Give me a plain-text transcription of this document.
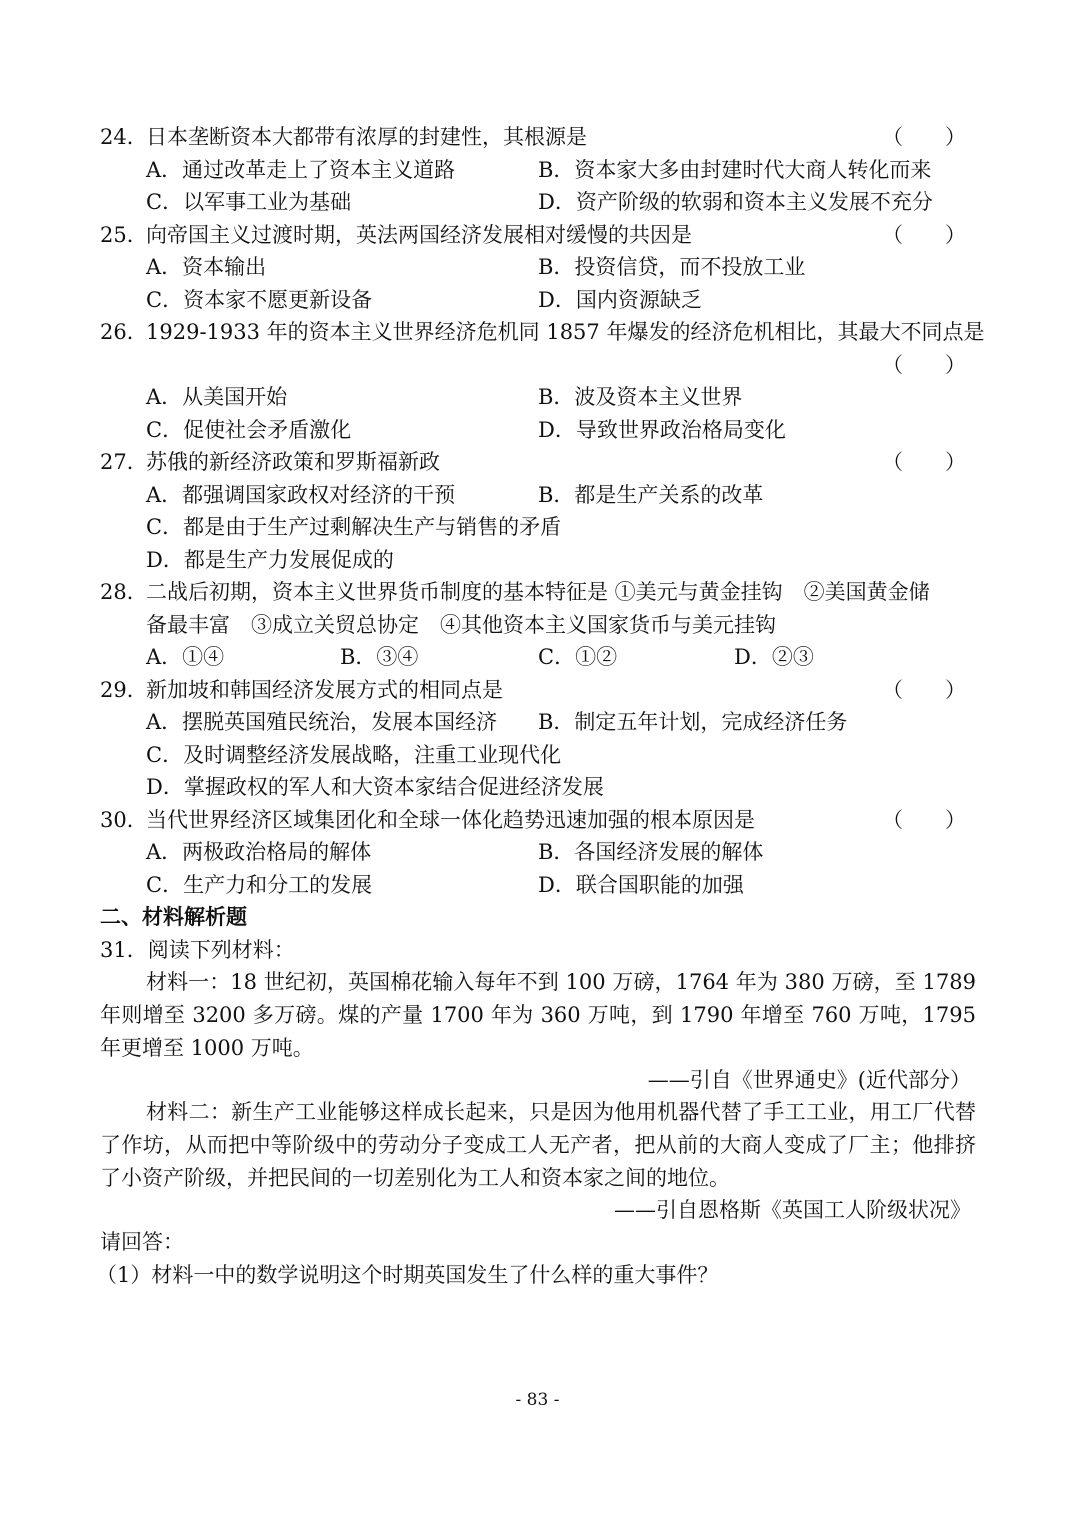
24．
日本垄断资本大都带有浓厚的封建性，其根源是	（　　）
A．通过改革走上了资本主义道路	B．资本家大多由封建时代大商人转化而来
C．以军事工业为基础	D．资产阶级的软弱和资本主义发展不充分
25．
向帝国主义过渡时期，英法两国经济发展相对缓慢的共因是	（　　）
A．资本输出	B．投资信贷，而不投放工业
C．资本家不愿更新设备	D．国内资源缺乏
26．
1929-1933 年的资本主义世界经济危机同 1857 年爆发的经济危机相比，其最大不同点是
（　　）
A．从美国开始	B．波及资本主义世界
C．促使社会矛盾激化	D．导致世界政治格局变化
27．
苏俄的新经济政策和罗斯福新政	（　　）
A．都强调国家政权对经济的干预	B．都是生产关系的改革
C．都是由于生产过剩解决生产与销售的矛盾
D．都是生产力发展促成的
28．
二战后初期，资本主义世界货币制度的基本特征是 ①美元与黄金挂钩　②美国黄金储
备最丰富　③成立关贸总协定　④其他资本主义国家货币与美元挂钩
A．①④	B．③④	C．①②	D．②③
29．
新加坡和韩国经济发展方式的相同点是	（　　）
A．摆脱英国殖民统治，发展本国经济 B．制定五年计划，完成经济任务
C．及时调整经济发展战略，注重工业现代化
D．掌握政权的军人和大资本家结合促进经济发展
30．
当代世界经济区域集团化和全球一体化趋势迅速加强的根本原因是	（　　）
A．两极政治格局的解体	B．各国经济发展的解体
C．生产力和分工的发展	D．联合国职能的加强
二、材料解析题
31．阅读下列材料：
材料一：18 世纪初，英国棉花输入每年不到 100 万磅，1764 年为 380 万磅，至 1789 年则增至 3200 多万磅。煤的产量 1700 年为 360 万吨，到 1790 年增至 760 万吨，1795 年更增至 1000 万吨。
——引自《世界通史》(近代部分）
材料二：新生产工业能够这样成长起来，只是因为他用机器代替了手工工业，用工厂代替了作坊，从而把中等阶级中的劳动分子变成工人无产者，把从前的大商人变成了厂主；他排挤了小资产阶级，并把民间的一切差别化为工人和资本家之间的地位。
——引自恩格斯《英国工人阶级状况》
请回答：
（1）材料一中的数学说明这个时期英国发生了什么样的重大事件？
- 83 -
